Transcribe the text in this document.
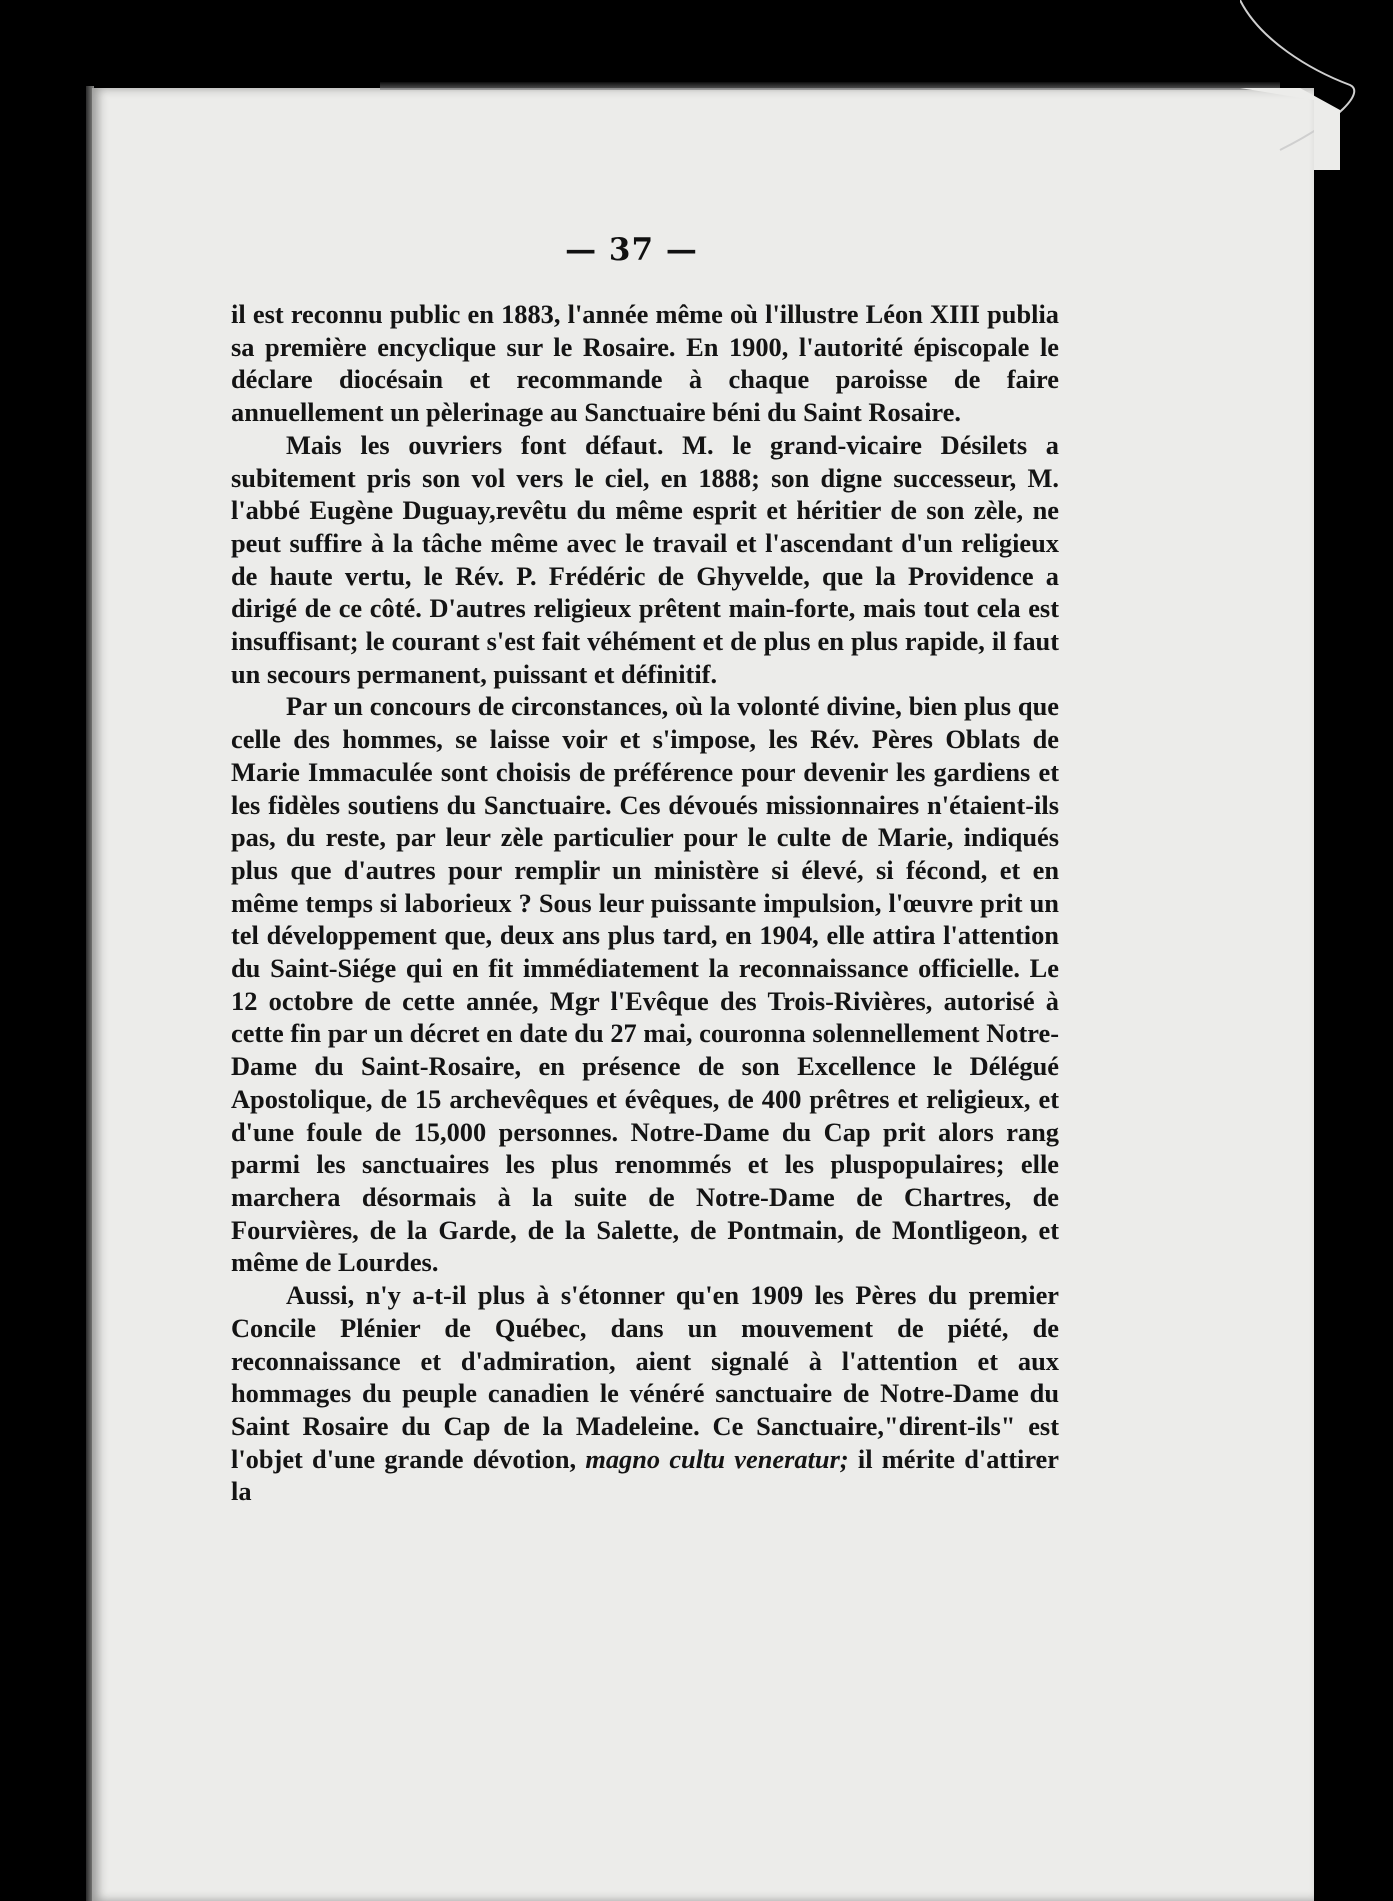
— 37 —

il est reconnu public en 1883, l'année même où l'illustre Léon XIII publia sa première encyclique sur le Rosaire. En 1900, l'autorité épiscopale le déclare diocésain et recommande à chaque paroisse de faire annuellement un pèlerinage au Sanctuaire béni du Saint Rosaire.

Mais les ouvriers font défaut. M. le grand-vicaire Désilets a subitement pris son vol vers le ciel, en 1888; son digne successeur, M. l'abbé Eugène Duguay,revêtu du même esprit et héritier de son zèle, ne peut suffire à la tâche même avec le travail et l'ascendant d'un religieux de haute vertu, le Rév. P. Frédéric de Ghyvelde, que la Providence a dirigé de ce côté. D'autres religieux prêtent main-forte, mais tout cela est insuffisant; le courant s'est fait véhément et de plus en plus rapide, il faut un secours permanent, puissant et définitif.

Par un concours de circonstances, où la volonté divine, bien plus que celle des hommes, se laisse voir et s'impose, les Rév. Pères Oblats de Marie Immaculée sont choisis de préférence pour devenir les gardiens et les fidèles soutiens du Sanctuaire. Ces dévoués missionnaires n'étaient-ils pas, du reste, par leur zèle particulier pour le culte de Marie, indiqués plus que d'autres pour remplir un ministère si élevé, si fécond, et en même temps si laborieux ? Sous leur puissante impulsion, l'œuvre prit un tel développement que, deux ans plus tard, en 1904, elle attira l'attention du Saint-Siége qui en fit immédiatement la reconnaissance officielle. Le 12 octobre de cette année, Mgr l'Evêque des Trois-Rivières, autorisé à cette fin par un décret en date du 27 mai, couronna solennellement Notre-Dame du Saint-Rosaire, en présence de son Excellence le Délégué Apostolique, de 15 archevêques et évêques, de 400 prêtres et religieux, et d'une foule de 15,000 personnes. Notre-Dame du Cap prit alors rang parmi les sanctuaires les plus renommés et les pluspopulaires; elle marchera désormais à la suite de Notre-Dame de Chartres, de Fourvières, de la Garde, de la Salette, de Pontmain, de Montligeon, et même de Lourdes.

Aussi, n'y a-t-il plus à s'étonner qu'en 1909 les Pères du premier Concile Plénier de Québec, dans un mouvement de piété, de reconnaissance et d'admiration, aient signalé à l'attention et aux hommages du peuple canadien le vénéré sanctuaire de Notre-Dame du Saint Rosaire du Cap de la Madeleine. Ce Sanctuaire,"dirent-ils" est l'objet d'une grande dévotion, magno cultu veneratur; il mérite d'attirer la
